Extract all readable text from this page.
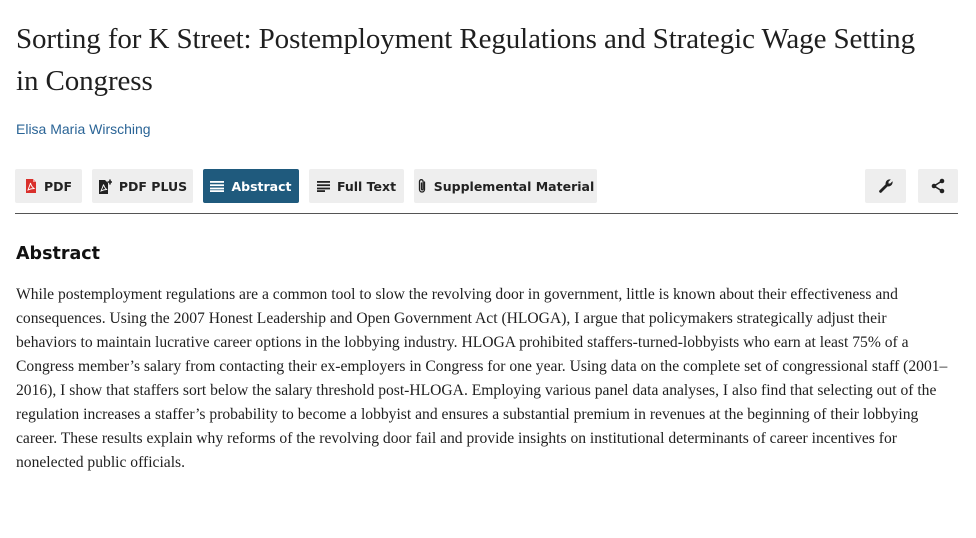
Sorting for K Street: Postemployment Regulations and Strategic Wage Setting in Congress
Elisa Maria Wirsching
PDF	PDF PLUS	Abstract	Full Text	Supplemental Material
Abstract

While postemployment regulations are a common tool to slow the revolving door in government, little is known about their effectiveness and consequences. Using the 2007 Honest Leadership and Open Government Act (HLOGA), I argue that policymakers strategically adjust their behaviors to maintain lucrative career options in the lobbying industry. HLOGA prohibited staffers-turned-lobbyists who earn at least 75% of a Congress member’s salary from contacting their ex-employers in Congress for one year. Using data on the complete set of congressional staff (2001–2016), I show that staffers sort below the salary threshold post-HLOGA. Employing various panel data analyses, I also find that selecting out of the regulation increases a staffer’s probability to become a lobbyist and ensures a substantial premium in revenues at the beginning of their lobbying career. These results explain why reforms of the revolving door fail and provide insights on institutional determinants of career incentives for nonelected public officials.
